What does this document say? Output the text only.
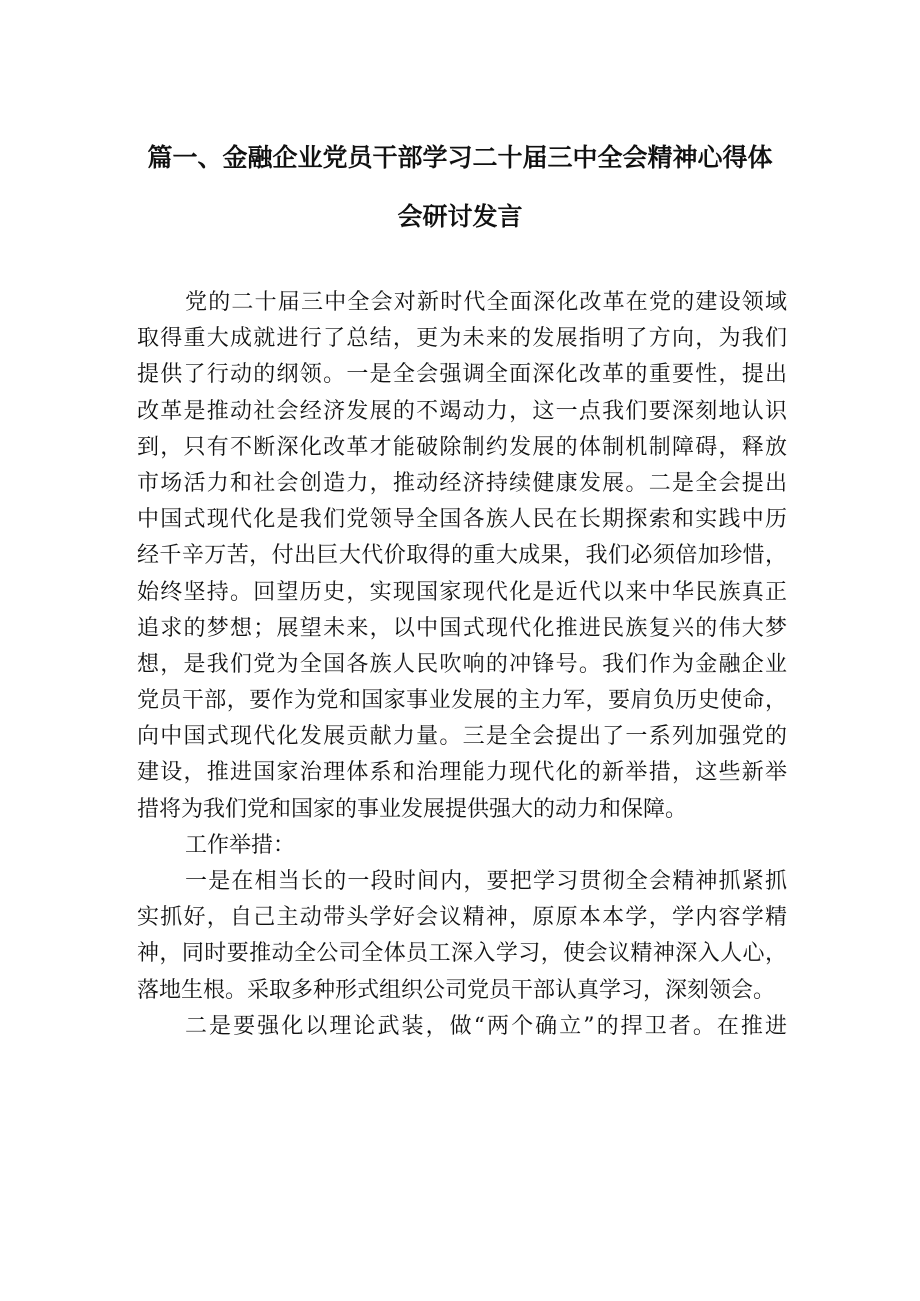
篇一、金融企业党员干部学习二十届三中全会精神心得体
会研讨发言
党的二十届三中全会对新时代全面深化改革在党的建设领域
取得重大成就进行了总结，更为未来的发展指明了方向，为我们
提供了行动的纲领。一是全会强调全面深化改革的重要性，提出
改革是推动社会经济发展的不竭动力，这一点我们要深刻地认识
到，只有不断深化改革才能破除制约发展的体制机制障碍，释放
市场活力和社会创造力，推动经济持续健康发展。二是全会提出
中国式现代化是我们党领导全国各族人民在长期探索和实践中历
经千辛万苦，付出巨大代价取得的重大成果，我们必须倍加珍惜，
始终坚持。回望历史，实现国家现代化是近代以来中华民族真正
追求的梦想；展望未来，以中国式现代化推进民族复兴的伟大梦
想，是我们党为全国各族人民吹响的冲锋号。我们作为金融企业
党员干部，要作为党和国家事业发展的主力军，要肩负历史使命，
向中国式现代化发展贡献力量。三是全会提出了一系列加强党的
建设，推进国家治理体系和治理能力现代化的新举措，这些新举
措将为我们党和国家的事业发展提供强大的动力和保障。
工作举措：
一是在相当长的一段时间内，要把学习贯彻全会精神抓紧抓
实抓好，自己主动带头学好会议精神，原原本本学，学内容学精
神，同时要推动全公司全体员工深入学习，使会议精神深入人心，
落地生根。采取多种形式组织公司党员干部认真学习，深刻领会。
二是要强化以理论武装，做“两个确立”的捍卫者。在推进
